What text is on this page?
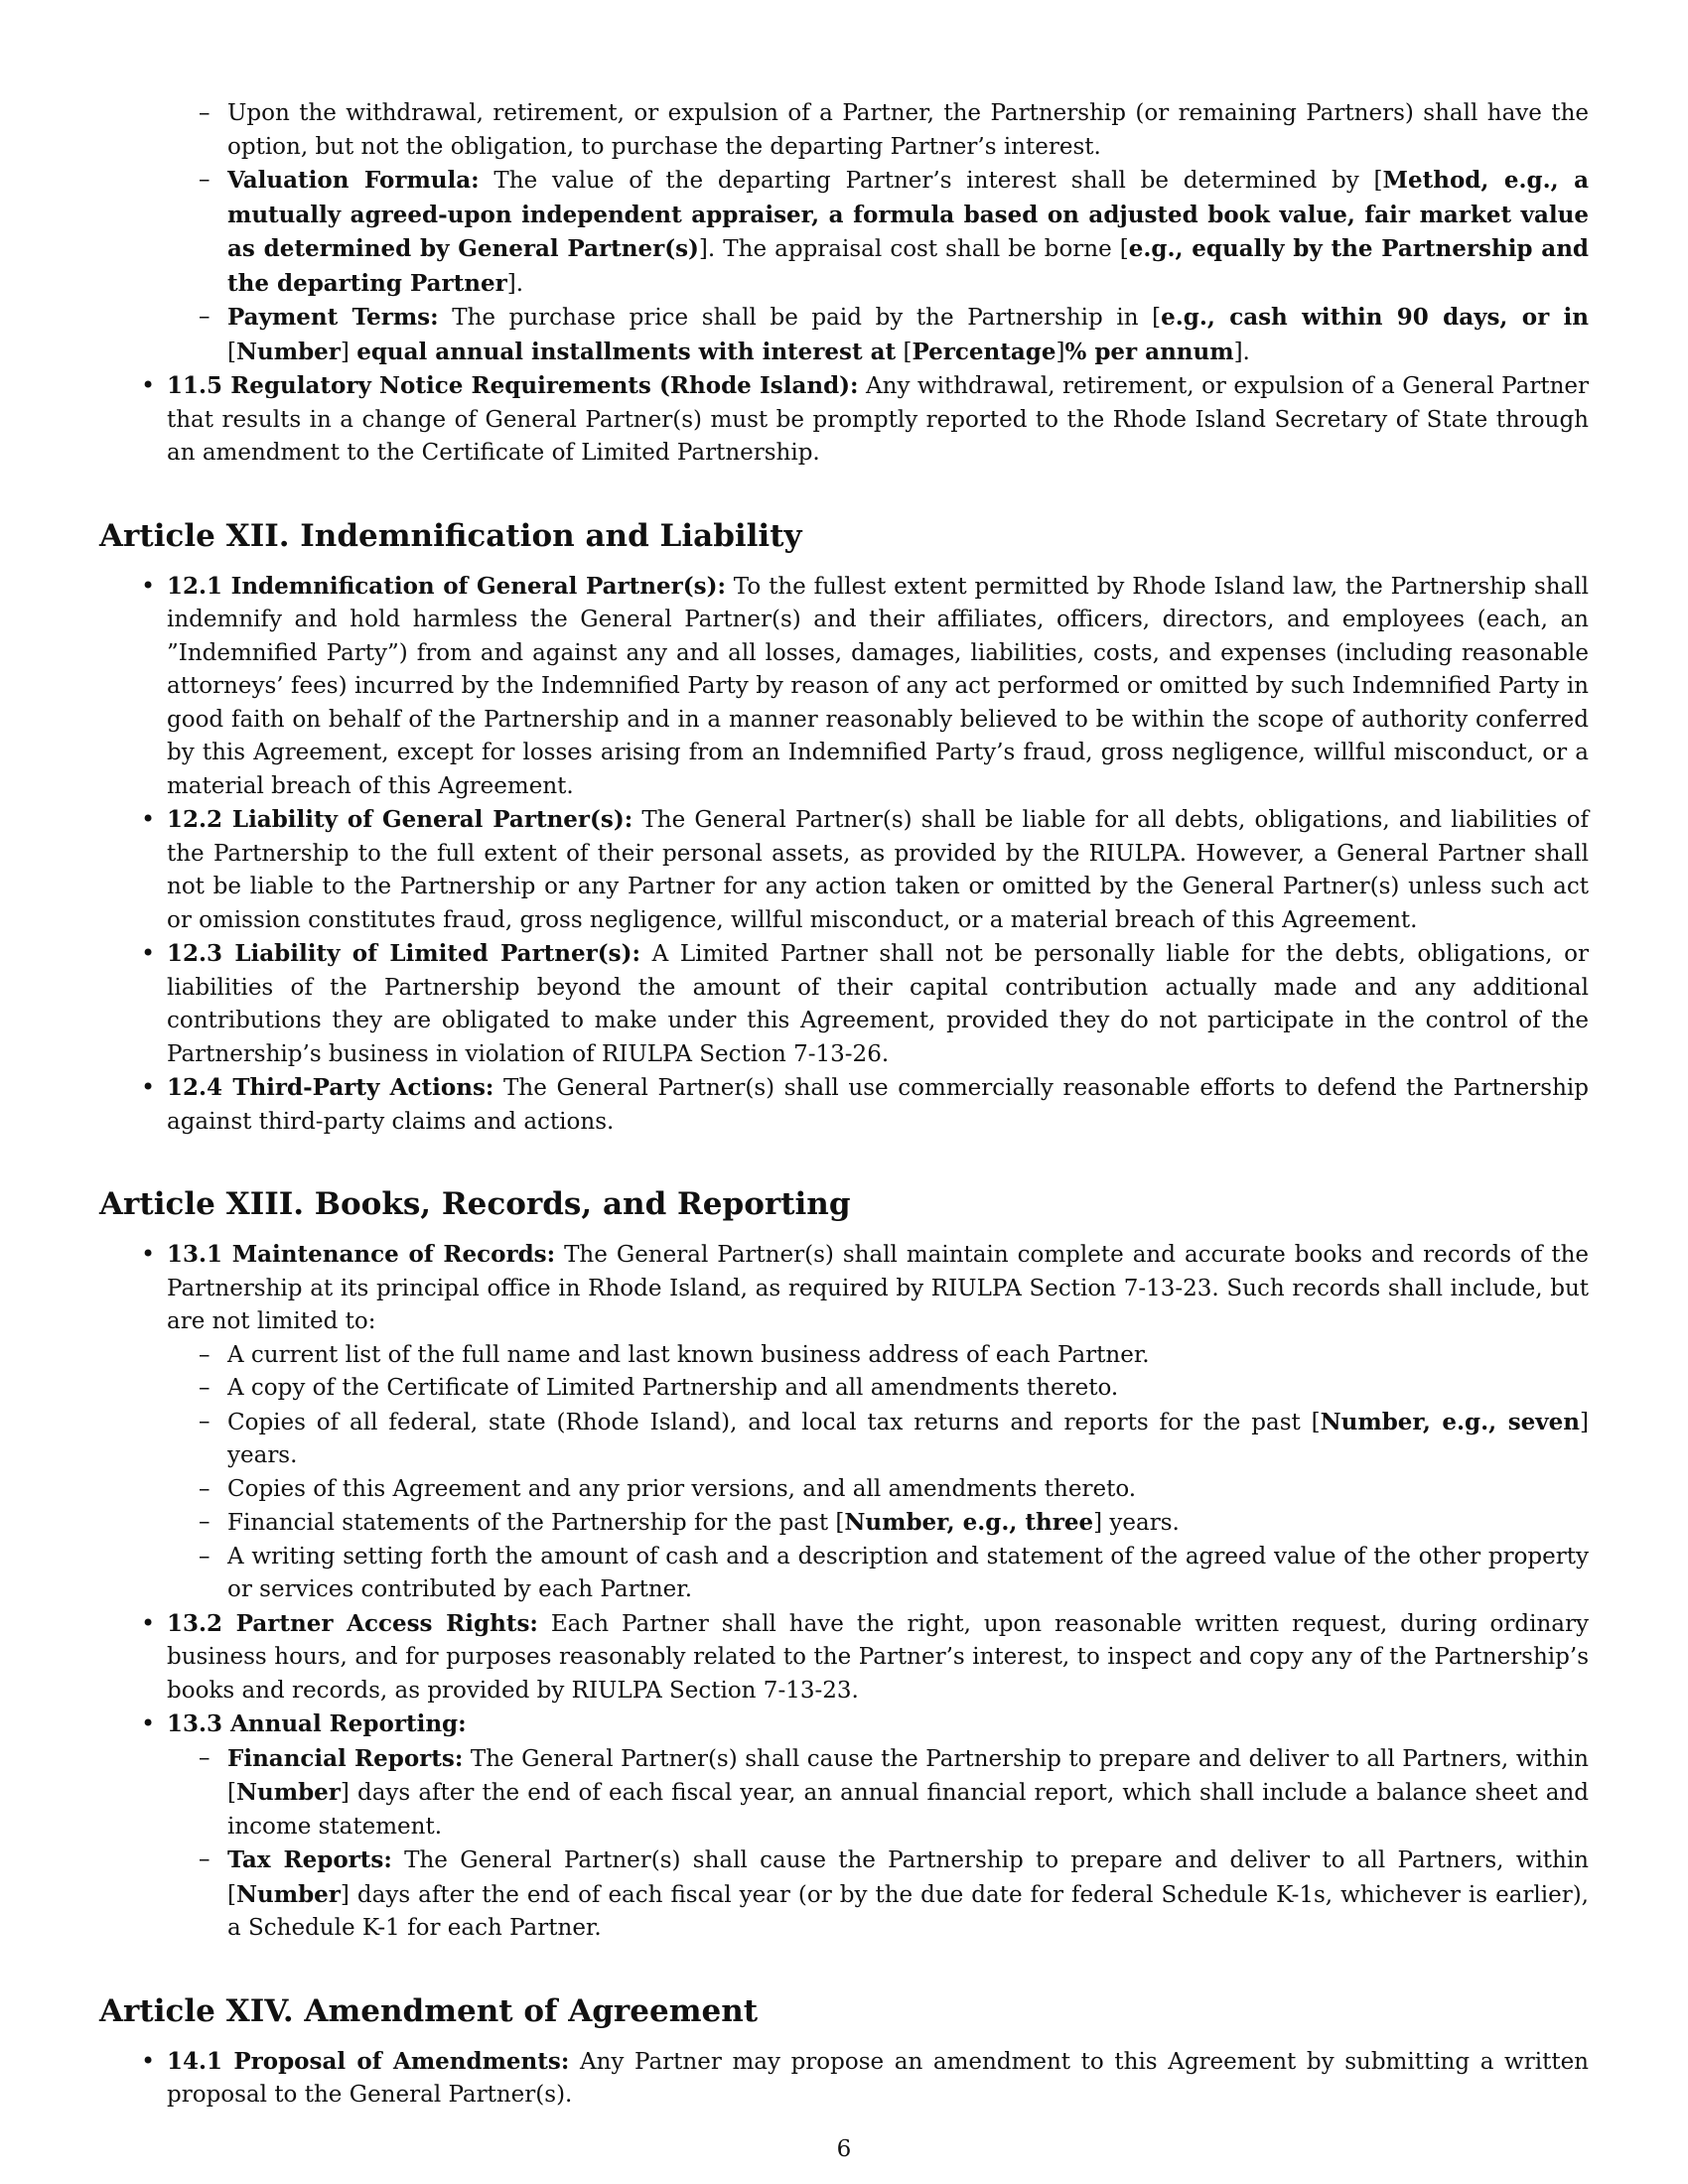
– Upon the withdrawal, retirement, or expulsion of a Partner, the Partnership (or remaining Partners) shall have the option, but not the obligation, to purchase the departing Partner’s interest.
– Valuation Formula: The value of the departing Partner’s interest shall be determined by [Method, e.g., a mutually agreed-upon independent appraiser, a formula based on adjusted book value, fair market value as determined by General Partner(s)]. The appraisal cost shall be borne [e.g., equally by the Partnership and the departing Partner].
– Payment Terms: The purchase price shall be paid by the Partnership in [e.g., cash within 90 days, or in [Number] equal annual installments with interest at [Percentage]% per annum].
• 11.5 Regulatory Notice Requirements (Rhode Island): Any withdrawal, retirement, or expulsion of a General Partner that results in a change of General Partner(s) must be promptly reported to the Rhode Island Secretary of State through an amendment to the Certificate of Limited Partnership.
Article XII. Indemnification and Liability
• 12.1 Indemnification of General Partner(s): To the fullest extent permitted by Rhode Island law, the Partnership shall indemnify and hold harmless the General Partner(s) and their affiliates, officers, directors, and employees (each, an ”Indemnified Party”) from and against any and all losses, damages, liabilities, costs, and expenses (including reasonable attorneys’ fees) incurred by the Indemnified Party by reason of any act performed or omitted by such Indemnified Party in good faith on behalf of the Partnership and in a manner reasonably believed to be within the scope of authority conferred by this Agreement, except for losses arising from an Indemnified Party’s fraud, gross negligence, willful misconduct, or a material breach of this Agreement.
• 12.2 Liability of General Partner(s): The General Partner(s) shall be liable for all debts, obligations, and liabilities of the Partnership to the full extent of their personal assets, as provided by the RIULPA. However, a General Partner shall not be liable to the Partnership or any Partner for any action taken or omitted by the General Partner(s) unless such act or omission constitutes fraud, gross negligence, willful misconduct, or a material breach of this Agreement.
• 12.3 Liability of Limited Partner(s): A Limited Partner shall not be personally liable for the debts, obligations, or liabilities of the Partnership beyond the amount of their capital contribution actually made and any additional contributions they are obligated to make under this Agreement, provided they do not participate in the control of the Partnership’s business in violation of RIULPA Section 7-13-26.
• 12.4 Third-Party Actions: The General Partner(s) shall use commercially reasonable efforts to defend the Partnership against third-party claims and actions.
Article XIII. Books, Records, and Reporting
• 13.1 Maintenance of Records: The General Partner(s) shall maintain complete and accurate books and records of the Partnership at its principal office in Rhode Island, as required by RIULPA Section 7-13-23. Such records shall include, but are not limited to:
– A current list of the full name and last known business address of each Partner.
– A copy of the Certificate of Limited Partnership and all amendments thereto.
– Copies of all federal, state (Rhode Island), and local tax returns and reports for the past [Number, e.g., seven] years.
– Copies of this Agreement and any prior versions, and all amendments thereto.
– Financial statements of the Partnership for the past [Number, e.g., three] years.
– A writing setting forth the amount of cash and a description and statement of the agreed value of the other property or services contributed by each Partner.
• 13.2 Partner Access Rights: Each Partner shall have the right, upon reasonable written request, during ordinary business hours, and for purposes reasonably related to the Partner’s interest, to inspect and copy any of the Partnership’s books and records, as provided by RIULPA Section 7-13-23.
• 13.3 Annual Reporting:
– Financial Reports: The General Partner(s) shall cause the Partnership to prepare and deliver to all Partners, within [Number] days after the end of each fiscal year, an annual financial report, which shall include a balance sheet and income statement.
– Tax Reports: The General Partner(s) shall cause the Partnership to prepare and deliver to all Partners, within [Number] days after the end of each fiscal year (or by the due date for federal Schedule K-1s, whichever is earlier), a Schedule K-1 for each Partner.
Article XIV. Amendment of Agreement
• 14.1 Proposal of Amendments: Any Partner may propose an amendment to this Agreement by submitting a written proposal to the General Partner(s).
6
